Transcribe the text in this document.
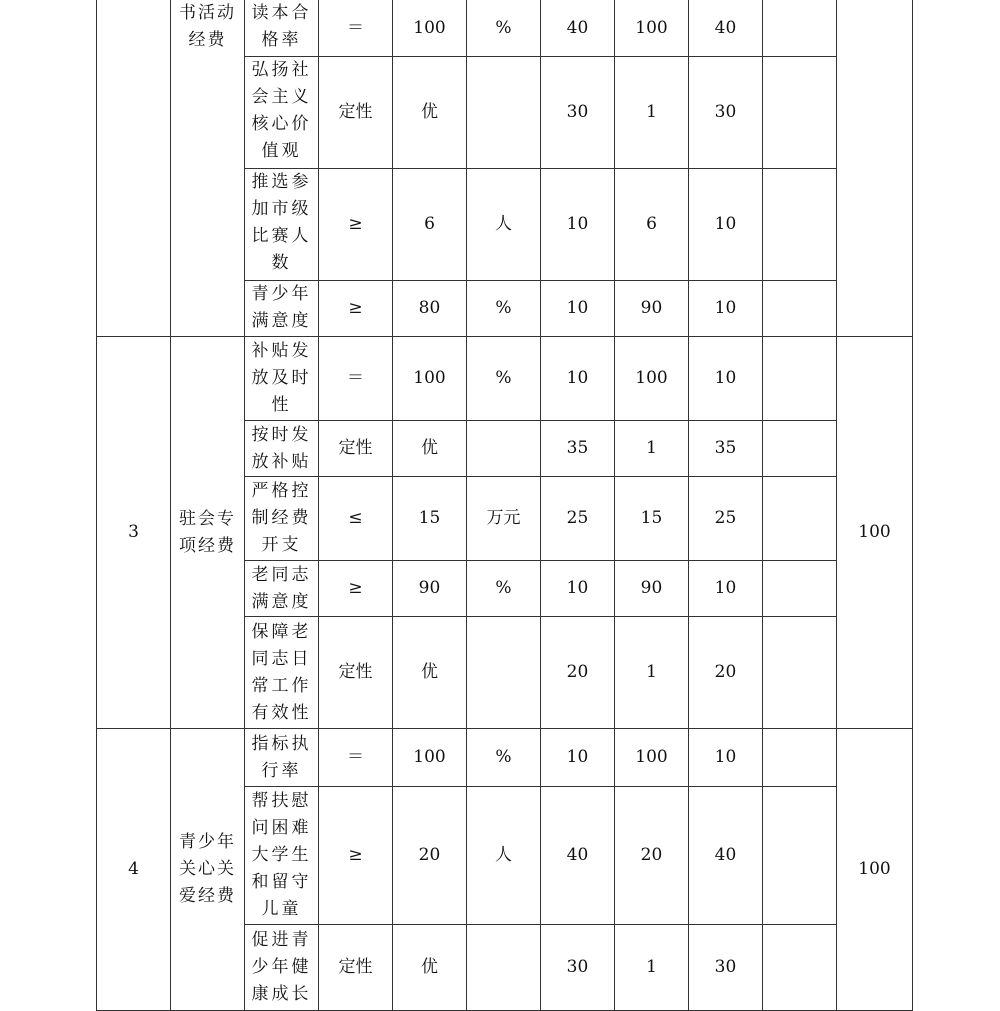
	书活动经费	读本合格率	＝	100	%	40	100	40		
		弘扬社会主义核心价值观	定性	优		30	1	30		
		推选参加市级比赛人数	≥	6	人	10	6	10		
		青少年满意度	≥	80	%	10	90	10		
3	驻会专项经费	补贴发放及时性	＝	100	%	10	100	10		100
		按时发放补贴	定性	优		35	1	35		
		严格控制经费开支	≤	15	万元	25	15	25		
		老同志满意度	≥	90	%	10	90	10		
		保障老同志日常工作有效性	定性	优		20	1	20		
4	青少年关心关爱经费	指标执行率	＝	100	%	10	100	10		100
		帮扶慰问困难大学生和留守儿童	≥	20	人	40	20	40		
		促进青少年健康成长	定性	优		30	1	30		
